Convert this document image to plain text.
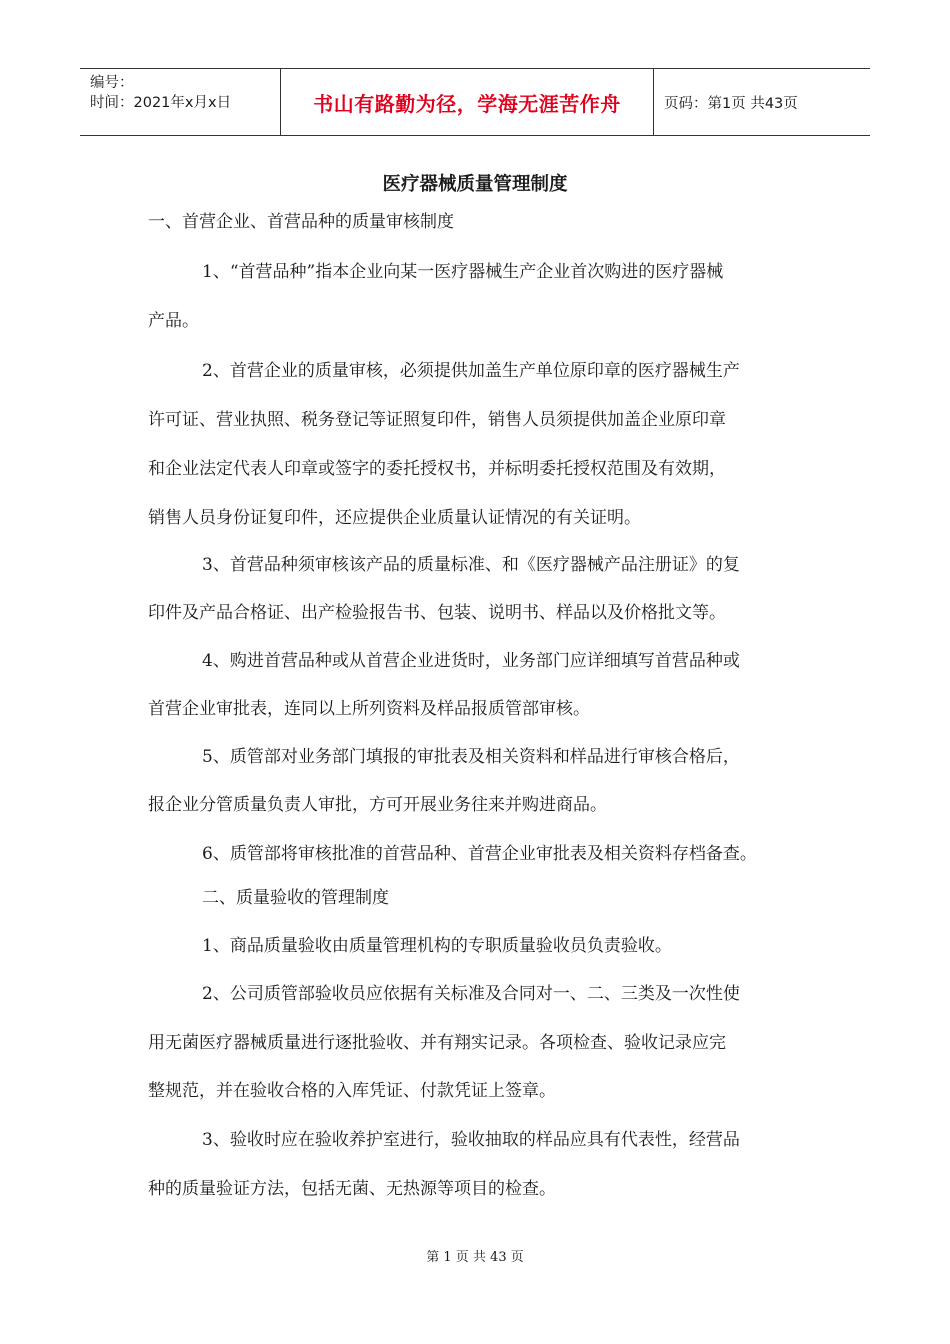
编号：
时间：2021年x月x日	书山有路勤为径，学海无涯苦作舟	页码：第1页 共43页
医疗器械质量管理制度
一、首营企业、首营品种的质量审核制度
1、“首营品种”指本企业向某一医疗器械生产企业首次购进的医疗器械
产品。
2、首营企业的质量审核，必须提供加盖生产单位原印章的医疗器械生产
许可证、营业执照、税务登记等证照复印件，销售人员须提供加盖企业原印章
和企业法定代表人印章或签字的委托授权书，并标明委托授权范围及有效期，
销售人员身份证复印件，还应提供企业质量认证情况的有关证明。
3、首营品种须审核该产品的质量标准、和《医疗器械产品注册证》的复
印件及产品合格证、出产检验报告书、包装、说明书、样品以及价格批文等。
4、购进首营品种或从首营企业进货时，业务部门应详细填写首营品种或
首营企业审批表，连同以上所列资料及样品报质管部审核。
5、质管部对业务部门填报的审批表及相关资料和样品进行审核合格后，
报企业分管质量负责人审批，方可开展业务往来并购进商品。
6、质管部将审核批准的首营品种、首营企业审批表及相关资料存档备查。
二、质量验收的管理制度
1、商品质量验收由质量管理机构的专职质量验收员负责验收。
2、公司质管部验收员应依据有关标准及合同对一、二、三类及一次性使
用无菌医疗器械质量进行逐批验收、并有翔实记录。各项检查、验收记录应完
整规范，并在验收合格的入库凭证、付款凭证上签章。
3、验收时应在验收养护室进行，验收抽取的样品应具有代表性，经营品
种的质量验证方法，包括无菌、无热源等项目的检查。
第 1 页 共 43 页
